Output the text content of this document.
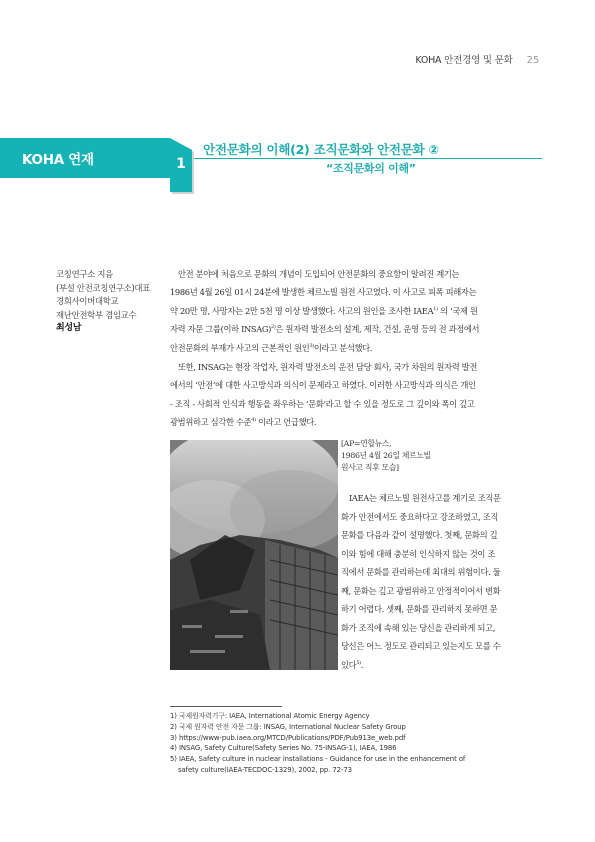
KOHA 안전경영 및 문화 25
KOHA 연재	1
안전문화의 이해(2) 조직문화와 안전문화 ②
“조직문화의 이해”
코칭연구소 지음
(부설 안전코칭연구소)대표
경희사이버대학교
재난안전학부 겸임교수
최성남
안전 분야에 처음으로 문화의 개념이 도입되어 안전문화의 중요함이 알려진 계기는
1986년 4월 26일 01시 24분에 발생한 체르노빌 원전 사고였다. 이 사고로 피폭 피해자는
약 20만 명, 사망자는 2만 5천 명 이상 발생했다. 사고의 원인을 조사한 IAEA$^{1)}$ 의 ‘국제 원
자력 자문 그룹(이하 INSAG)$^{2)}$은 원자력 발전소의 설계, 제작, 건설, 운영 등의 전 과정에서
안전문화의 부재가 사고의 근본적인 원인$^{3)}$이라고 분석했다.
또한, INSAG는 현장 작업자, 원자력 발전소의 운전 담당 회사, 국가 차원의 원자력 발전
에서의 ‘안전’에 대한 사고방식과 의식이 문제라고 하였다. 이러한 사고방식과 의식은 개인
- 조직 - 사회적 인식과 행동을 좌우하는 ‘문화’라고 할 수 있을 정도로 그 깊이와 폭이 깊고
광범위하고 심각한 수준$^{4)}$ 이라고 언급했다.
[AP=연합뉴스,
1986년 4월 26일 체르노빌
원사고 직후 모습]
IAEA는 체르노빌 원전사고를 계기로 조직문
화가 안전에서도 중요하다고 강조하였고, 조직
문화를 다음과 같이 설명했다. 첫째, 문화의 깊
이와 힘에 대해 충분히 인식하지 않는 것이 조
직에서 문화를 관리하는데 최대의 위험이다. 둘
째, 문화는 깊고 광범위하고 안정적이어서 변화
하기 어렵다. 셋째, 문화를 관리하지 못하면 문
화가 조직에 속해 있는 당신을 관리하게 되고,
당신은 어느 정도로 관리되고 있는지도 모를 수
있다$^{5)}$.
1) 국제원자력기구: IAEA, International Atomic Energy Agency
2) 국제 원자력 안전 자문 그룹: INSAG, International Nuclear Safety Group
3) https://www-pub.iaea.org/MTCD/Publications/PDF/Pub913e_web.pdf
4) INSAG, Safety Culture(Safety Series No. 75-INSAG-1), IAEA, 1986
5) IAEA, Safety culture in nuclear installations - Guidance for use in the enhancement of
safety culture(IAEA-TECDOC-1329), 2002, pp. 72-73
